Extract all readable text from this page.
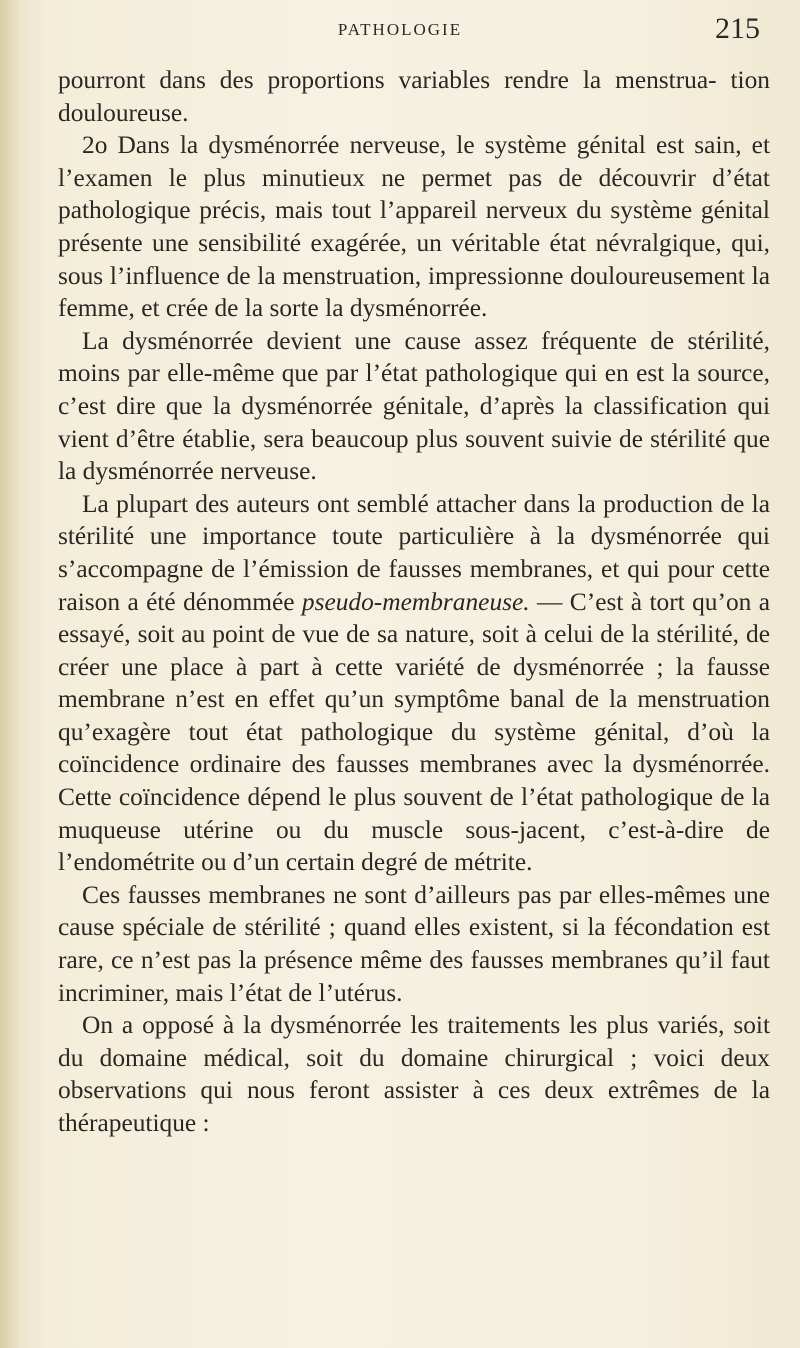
PATHOLOGIE	215

pourront dans des proportions variables rendre la menstrua- tion douloureuse.

2o Dans la dysménorrée nerveuse, le système génital est sain, et l’examen le plus minutieux ne permet pas de découvrir d’état pathologique précis, mais tout l’appareil nerveux du système génital présente une sensibilité exagérée, un véritable état névralgique, qui, sous l’influence de la menstruation, impressionne douloureusement la femme, et crée de la sorte la dysménorrée.

La dysménorrée devient une cause assez fréquente de stérilité, moins par elle-même que par l’état pathologique qui en est la source, c’est dire que la dysménorrée génitale, d’après la classification qui vient d’être établie, sera beaucoup plus souvent suivie de stérilité que la dysménorrée nerveuse.

La plupart des auteurs ont semblé attacher dans la production de la stérilité une importance toute particulière à la dysménorrée qui s’accompagne de l’émission de fausses membranes, et qui pour cette raison a été dénommée pseudo-membraneuse. — C’est à tort qu’on a essayé, soit au point de vue de sa nature, soit à celui de la stérilité, de créer une place à part à cette variété de dysménorrée ; la fausse membrane n’est en effet qu’un symptôme banal de la menstruation qu’exagère tout état pathologique du système génital, d’où la coïncidence ordinaire des fausses membranes avec la dysménorrée. Cette coïncidence dépend le plus souvent de l’état pathologique de la muqueuse utérine ou du muscle sous-jacent, c’est-à-dire de l’endométrite ou d’un certain degré de métrite.

Ces fausses membranes ne sont d’ailleurs pas par elles-mêmes une cause spéciale de stérilité ; quand elles existent, si la fécondation est rare, ce n’est pas la présence même des fausses membranes qu’il faut incriminer, mais l’état de l’utérus.

On a opposé à la dysménorrée les traitements les plus variés, soit du domaine médical, soit du domaine chirurgical ; voici deux observations qui nous feront assister à ces deux extrêmes de la thérapeutique :
